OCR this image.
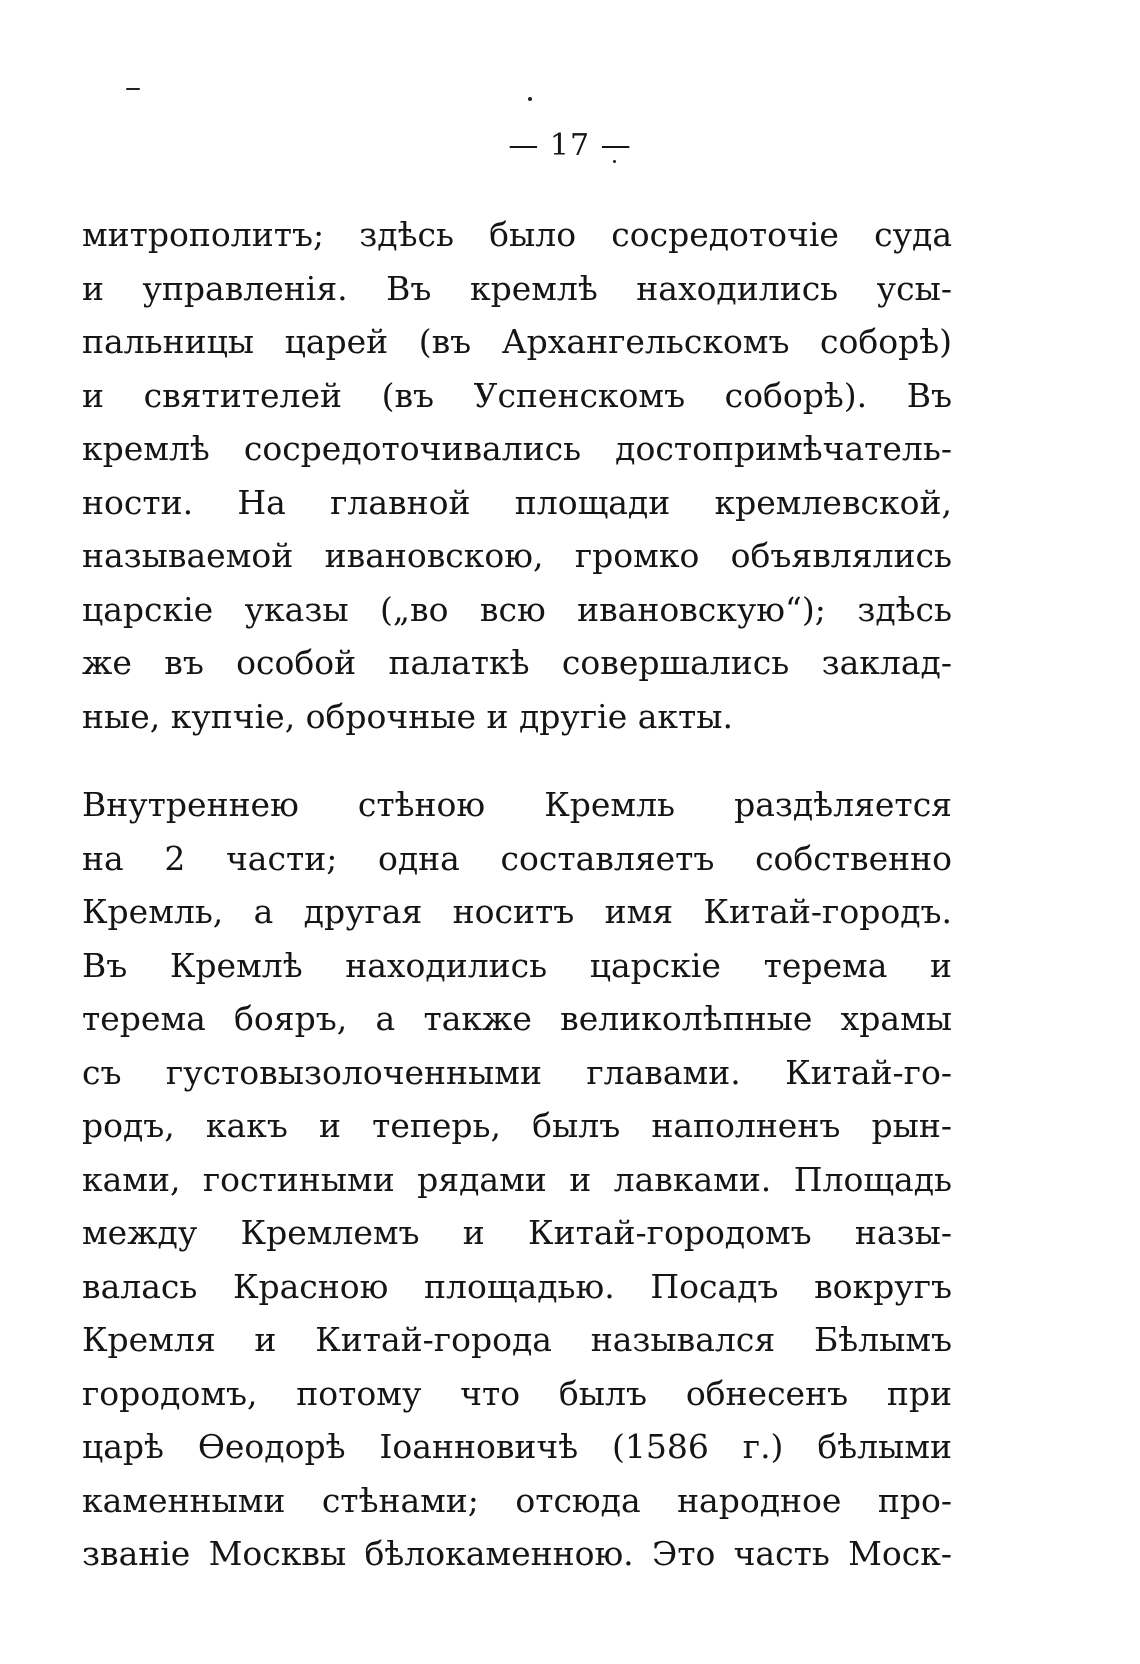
— 17 —
митрополитъ; здѣсь было сосредоточіе суда
и управленія. Въ кремлѣ находились усы-
пальницы царей (въ Архангельскомъ соборѣ)
и святителей (въ Успенскомъ соборѣ). Въ
кремлѣ сосредоточивались достопримѣчатель-
ности. На главной площади кремлевской,
называемой ивановскою, громко объявлялись
царскіе указы („во всю ивановскую“); здѣсь
же въ особой палаткѣ совершались заклад-
ные, купчіе, оброчные и другіе акты.
Внутреннею стѣною Кремль раздѣляется
на 2 части; одна составляетъ собственно
Кремль, а другая носитъ имя Китай-городъ.
Въ Кремлѣ находились царскіе терема и
терема бояръ, а также великолѣпные храмы
съ густовызолоченными главами. Китай-го-
родъ, какъ и теперь, былъ наполненъ рын-
ками, гостиными рядами и лавками. Площадь
между Кремлемъ и Китай-городомъ назы-
валась Красною площадью. Посадъ вокругъ
Кремля и Китай-города назывался Бѣлымъ
городомъ, потому что былъ обнесенъ при
царѣ Өеодорѣ Іоанновичѣ (1586 г.) бѣлыми
каменными стѣнами; отсюда народное про-
званіе Москвы бѣлокаменною. Это часть Моск-
